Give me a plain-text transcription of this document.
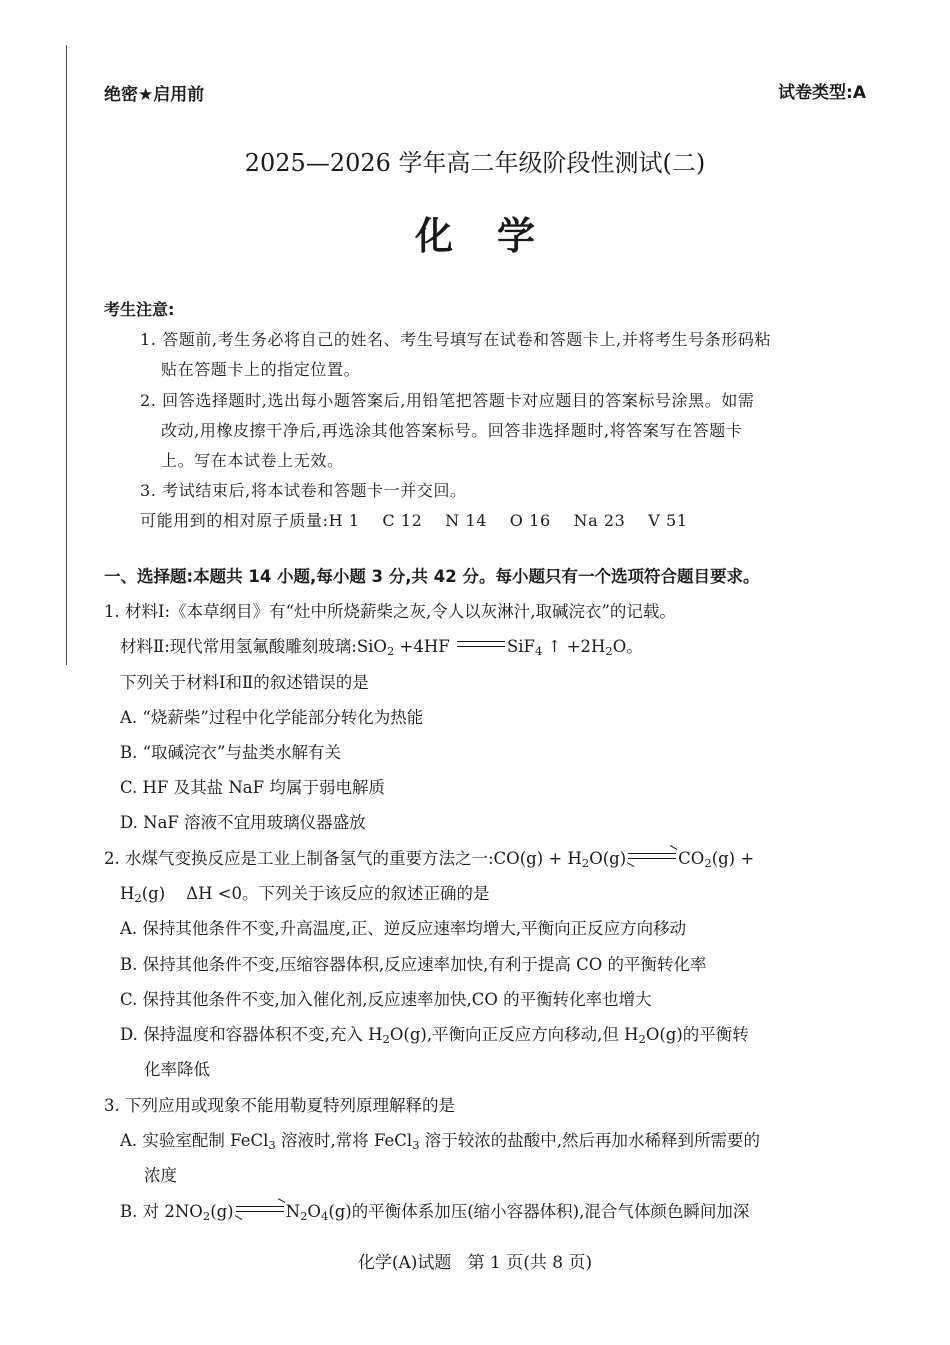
绝密★启用前	试卷类型:A
2025—2026 学年高二年级阶段性测试(二)
化学
考生注意:
1. 答题前,考生务必将自己的姓名、考生号填写在试卷和答题卡上,并将考生号条形码粘
贴在答题卡上的指定位置。
2. 回答选择题时,选出每小题答案后,用铅笔把答题卡对应题目的答案标号涂黑。如需
改动,用橡皮擦干净后,再选涂其他答案标号。回答非选择题时,将答案写在答题卡
上。写在本试卷上无效。
3. 考试结束后,将本试卷和答题卡一并交回。
可能用到的相对原子质量:H 1    C 12    N 14    O 16    Na 23    V 51
一、选择题:本题共 14 小题,每小题 3 分,共 42 分。每小题只有一个选项符合题目要求。
1. 材料Ⅰ:《本草纲目》有“灶中所烧薪柴之灰,令人以灰淋汁,取碱浣衣”的记载。
材料Ⅱ:现代常用氢氟酸雕刻玻璃:SiO$_2$ +4HF	SiF$_4$ ↑ $+2H_2O$。
下列关于材料Ⅰ和Ⅱ的叙述错误的是
A. “烧薪柴”过程中化学能部分转化为热能
B. “取碱浣衣”与盐类水解有关
C. HF 及其盐 NaF 均属于弱电解质
D. NaF 溶液不宜用玻璃仪器盛放
2. 水煤气变换反应是工业上制备氢气的重要方法之一:CO(g) + $H_2O(g)$	$CO_2(g)$ +
$H_2(g)$    ΔH <0。下列关于该反应的叙述正确的是
A. 保持其他条件不变,升高温度,正、逆反应速率均增大,平衡向正反应方向移动
B. 保持其他条件不变,压缩容器体积,反应速率加快,有利于提高 CO 的平衡转化率
C. 保持其他条件不变,加入催化剂,反应速率加快,CO 的平衡转化率也增大
D. 保持温度和容器体积不变,充入 $H_2O(g)$,平衡向正反应方向移动,但 $H_2O(g)$的平衡转
化率降低
3. 下列应用或现象不能用勒夏特列原理解释的是
A. 实验室配制 FeCl$_3$ 溶液时,常将 FeCl$_3$ 溶于较浓的盐酸中,然后再加水稀释到所需要的
浓度
B. 对 $2NO_2(g)$	$N_2O_4(g)$的平衡体系加压(缩小容器体积),混合气体颜色瞬间加深
化学(A)试题   第 1 页(共 8 页)
